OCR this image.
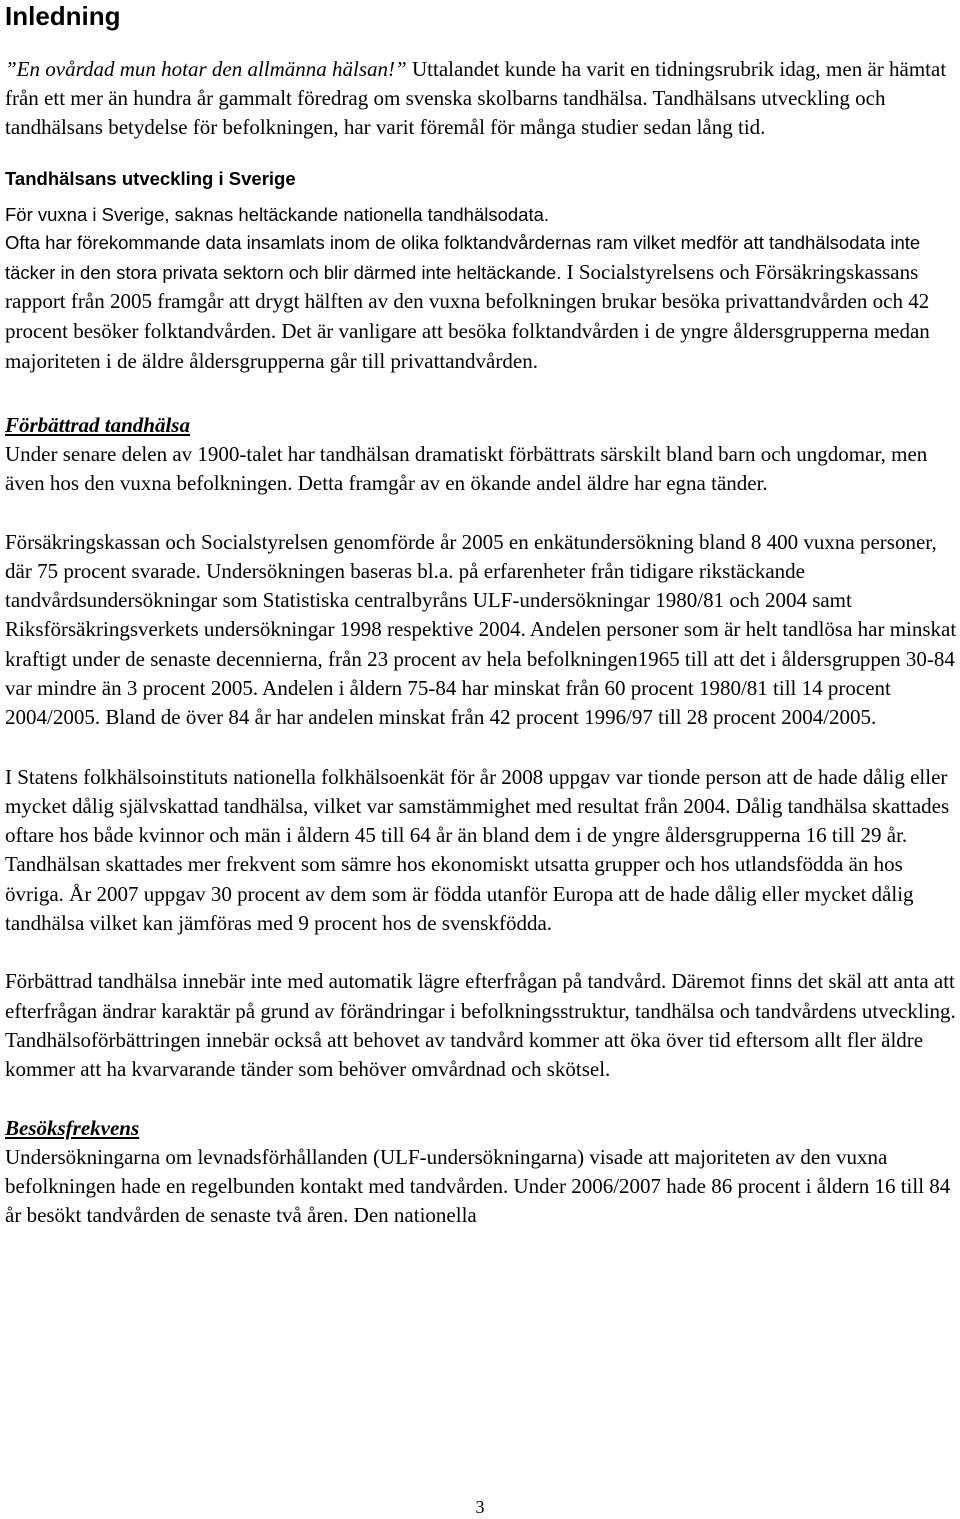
Inledning

”En ovårdad mun hotar den allmänna hälsan!” Uttalandet kunde ha varit en tidningsrubrik idag, men är hämtat från ett mer än hundra år gammalt föredrag om svenska skolbarns tandhälsa. Tandhälsans utveckling och tandhälsans betydelse för befolkningen, har varit föremål för många studier sedan lång tid.

Tandhälsans utveckling i Sverige
För vuxna i Sverige, saknas heltäckande nationella tandhälsodata.

Ofta har förekommande data insamlats inom de olika folktandvårdernas ram vilket medför att tandhälsodata inte täcker in den stora privata sektorn och blir därmed inte heltäckande. I Socialstyrelsens och Försäkringskassans rapport från 2005 framgår att drygt hälften av den vuxna befolkningen brukar besöka privattandvården och 42 procent besöker folktandvården. Det är vanligare att besöka folktandvården i de yngre åldersgrupperna medan majoriteten i de äldre åldersgrupperna går till privattandvården.

Förbättrad tandhälsa

Under senare delen av 1900-talet har tandhälsan dramatiskt förbättrats särskilt bland barn och ungdomar, men även hos den vuxna befolkningen. Detta framgår av en ökande andel äldre har egna tänder.

Försäkringskassan och Socialstyrelsen genomförde år 2005 en enkätundersökning bland 8 400 vuxna personer, där 75 procent svarade. Undersökningen baseras bl.a. på erfarenheter från tidigare rikstäckande tandvårdsundersökningar som Statistiska centralbyråns ULF-undersökningar 1980/81 och 2004 samt Riksförsäkringsverkets undersökningar 1998 respektive 2004. Andelen personer som är helt tandlösa har minskat kraftigt under de senaste decennierna, från 23 procent av hela befolkningen1965 till att det i åldersgruppen 30-84 var mindre än 3 procent 2005. Andelen i åldern 75-84 har minskat från 60 procent 1980/81 till 14 procent 2004/2005. Bland de över 84 år har andelen minskat från 42 procent 1996/97 till 28 procent 2004/2005.

I Statens folkhälsoinstituts nationella folkhälsoenkät för år 2008 uppgav var tionde person att de hade dålig eller mycket dålig självskattad tandhälsa, vilket var samstämmighet med resultat från 2004. Dålig tandhälsa skattades oftare hos både kvinnor och män i åldern 45 till 64 år än bland dem i de yngre åldersgrupperna 16 till 29 år. Tandhälsan skattades mer frekvent som sämre hos ekonomiskt utsatta grupper och hos utlandsfödda än hos övriga. År 2007 uppgav 30 procent av dem som är födda utanför Europa att de hade dålig eller mycket dålig tandhälsa vilket kan jämföras med 9 procent hos de svenskfödda.

Förbättrad tandhälsa innebär inte med automatik lägre efterfrågan på tandvård. Däremot finns det skäl att anta att efterfrågan ändrar karaktär på grund av förändringar i befolkningsstruktur, tandhälsa och tandvårdens utveckling. Tandhälsoförbättringen innebär också att behovet av tandvård kommer att öka över tid eftersom allt fler äldre kommer att ha kvarvarande tänder som behöver omvårdnad och skötsel.

Besöksfrekvens

Undersökningarna om levnadsförhållanden (ULF-undersökningarna) visade att majoriteten av den vuxna befolkningen hade en regelbunden kontakt med tandvården. Under 2006/2007 hade 86 procent i åldern 16 till 84 år besökt tandvården de senaste två åren. Den nationella

3
